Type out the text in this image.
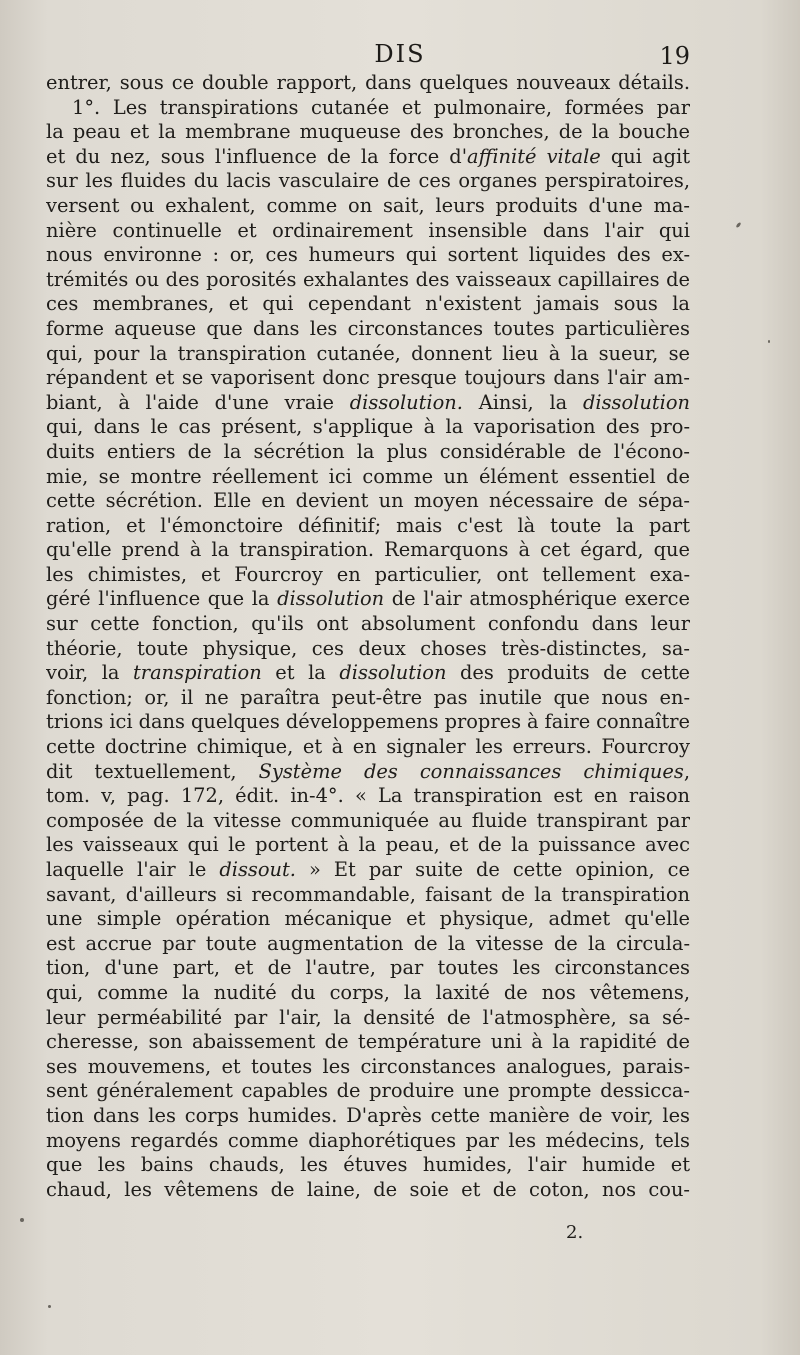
DIS	19
entrer, sous ce double rapport, dans quelques nouveaux détails.
1°. Les transpirations cutanée et pulmonaire, formées par
la peau et la membrane muqueuse des bronches, de la bouche
et du nez, sous l'influence de la force d'affinité vitale qui agit
sur les fluides du lacis vasculaire de ces organes perspiratoires,
versent ou exhalent, comme on sait, leurs produits d'une ma-
nière continuelle et ordinairement insensible dans l'air qui
nous environne : or, ces humeurs qui sortent liquides des ex-
trémités ou des porosités exhalantes des vaisseaux capillaires de
ces membranes, et qui cependant n'existent jamais sous la
forme aqueuse que dans les circonstances toutes particulières
qui, pour la transpiration cutanée, donnent lieu à la sueur, se
répandent et se vaporisent donc presque toujours dans l'air am-
biant, à l'aide d'une vraie dissolution. Ainsi, la dissolution
qui, dans le cas présent, s'applique à la vaporisation des pro-
duits entiers de la sécrétion la plus considérable de l'écono-
mie, se montre réellement ici comme un élément essentiel de
cette sécrétion. Elle en devient un moyen nécessaire de sépa-
ration, et l'émonctoire définitif; mais c'est là toute la part
qu'elle prend à la transpiration. Remarquons à cet égard, que
les chimistes, et Fourcroy en particulier, ont tellement exa-
géré l'influence que la dissolution de l'air atmosphérique exerce
sur cette fonction, qu'ils ont absolument confondu dans leur
théorie, toute physique, ces deux choses très-distinctes, sa-
voir, la transpiration et la dissolution des produits de cette
fonction; or, il ne paraîtra peut-être pas inutile que nous en-
trions ici dans quelques développemens propres à faire connaître
cette doctrine chimique, et à en signaler les erreurs. Fourcroy
dit textuellement, Système des connaissances chimiques,
tom. v, pag. 172, édit. in-4°. « La transpiration est en raison
composée de la vitesse communiquée au fluide transpirant par
les vaisseaux qui le portent à la peau, et de la puissance avec
laquelle l'air le dissout. » Et par suite de cette opinion, ce
savant, d'ailleurs si recommandable, faisant de la transpiration
une simple opération mécanique et physique, admet qu'elle
est accrue par toute augmentation de la vitesse de la circula-
tion, d'une part, et de l'autre, par toutes les circonstances
qui, comme la nudité du corps, la laxité de nos vêtemens,
leur perméabilité par l'air, la densité de l'atmosphère, sa sé-
cheresse, son abaissement de température uni à la rapidité de
ses mouvemens, et toutes les circonstances analogues, parais-
sent généralement capables de produire une prompte dessicca-
tion dans les corps humides. D'après cette manière de voir, les
moyens regardés comme diaphorétiques par les médecins, tels
que les bains chauds, les étuves humides, l'air humide et
chaud, les vêtemens de laine, de soie et de coton, nos cou-
2.
